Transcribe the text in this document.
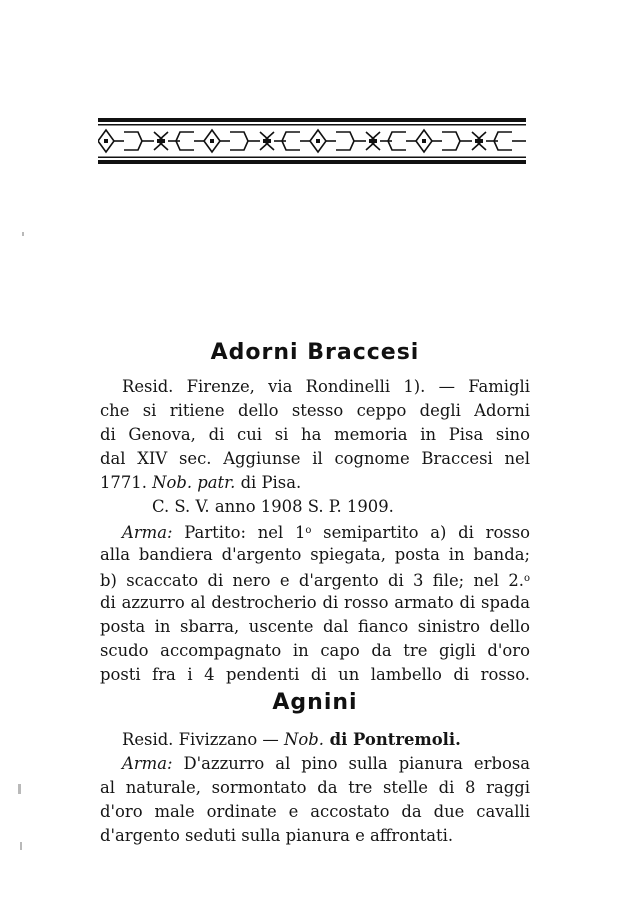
Adorni Braccesi
Resid. Firenze, via Rondinelli 1). — Famigli
che si ritiene dello stesso ceppo degli Adorni
di Genova, di cui si ha memoria in Pisa sino
dal XIV sec. Aggiunse il cognome Braccesi nel
1771. Nob. patr. di Pisa.
C. S. V. anno 1908 S. P. 1909.
Arma: Partito: nel 1$^o$ semipartito a) di rosso
alla bandiera d'argento spiegata, posta in banda;
b) scaccato di nero e d'argento di 3 file; nel 2.$^o$
di azzurro al destrocherio di rosso armato di spada
posta in sbarra, uscente dal fianco sinistro dello
scudo accompagnato in capo da tre gigli d'oro
posti fra i 4 pendenti di un lambello di rosso.
Agnini
Resid. Fivizzano — Nob. di Pontremoli.
Arma: D'azzurro al pino sulla pianura erbosa
al naturale, sormontato da tre stelle di 8 raggi
d'oro male ordinate e accostato da due cavalli
d'argento seduti sulla pianura e affrontati.
